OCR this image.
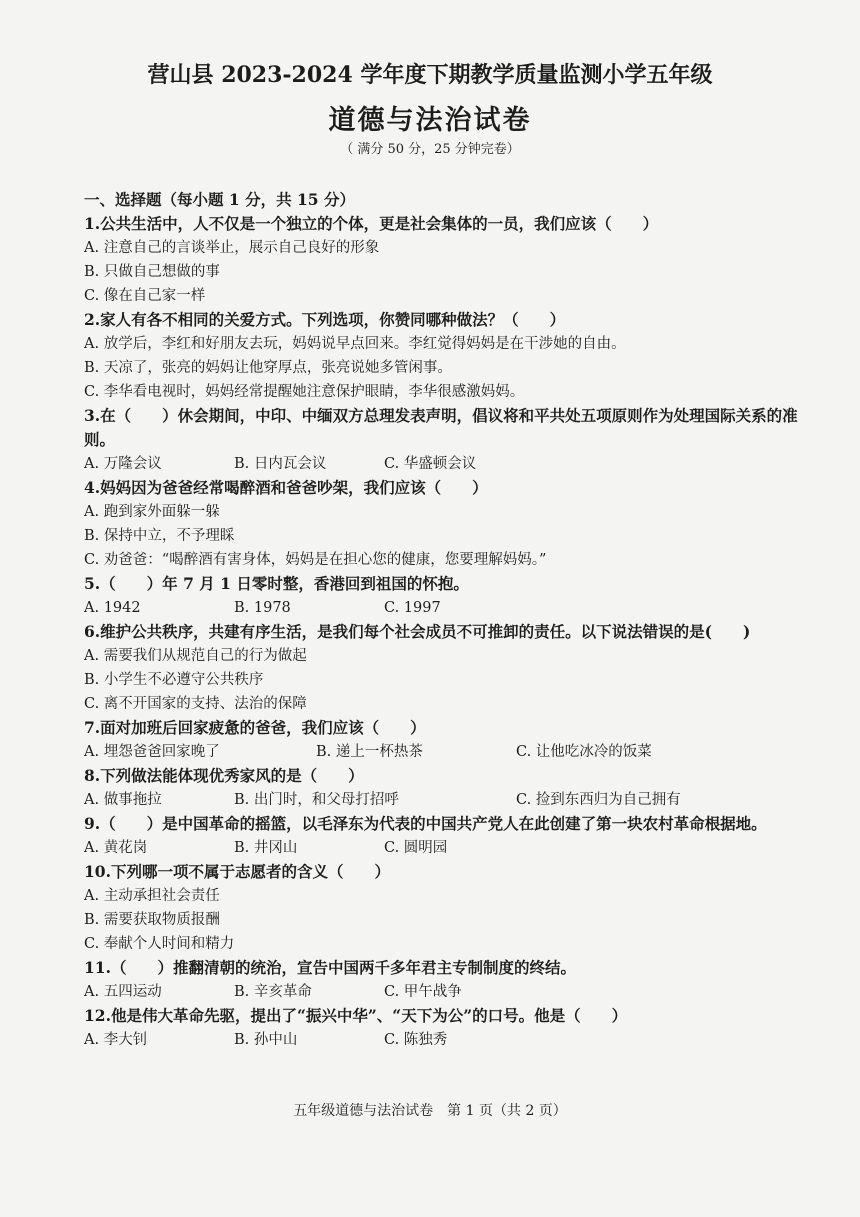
营山县 2023-2024 学年度下期教学质量监测小学五年级
道德与法治试卷
（ 满分 50 分，25 分钟完卷）
一、选择题（每小题 1 分，共 15 分）
1.公共生活中，人不仅是一个独立的个体，更是社会集体的一员，我们应该（　　）
A. 注意自己的言谈举止，展示自己良好的形象
B. 只做自己想做的事
C. 像在自己家一样
2.家人有各不相同的关爱方式。下列选项，你赞同哪种做法？（　　）
A. 放学后，李红和好朋友去玩，妈妈说早点回来。李红觉得妈妈是在干涉她的自由。
B. 天凉了，张亮的妈妈让他穿厚点，张亮说她多管闲事。
C. 李华看电视时，妈妈经常提醒她注意保护眼睛，李华很感激妈妈。
3.在（　　）休会期间，中印、中缅双方总理发表声明，倡议将和平共处五项原则作为处理国际关系的准则。
A. 万隆会议	B. 日内瓦会议	C. 华盛顿会议
4.妈妈因为爸爸经常喝醉酒和爸爸吵架，我们应该（　　）
A. 跑到家外面躲一躲
B. 保持中立，不予理睬
C. 劝爸爸：“喝醉酒有害身体，妈妈是在担心您的健康，您要理解妈妈。”
5.（　　）年 7 月 1 日零时整，香港回到祖国的怀抱。
A. 1942	B. 1978	C. 1997
6.维护公共秩序，共建有序生活，是我们每个社会成员不可推卸的责任。以下说法错误的是(　　)
A. 需要我们从规范自己的行为做起
B. 小学生不必遵守公共秩序
C. 离不开国家的支持、法治的保障
7.面对加班后回家疲惫的爸爸，我们应该（　　）
A. 埋怨爸爸回家晚了	B. 递上一杯热茶	C. 让他吃冰冷的饭菜
8.下列做法能体现优秀家风的是（　　）
A. 做事拖拉	B. 出门时，和父母打招呼	C. 捡到东西归为自己拥有
9.（　　）是中国革命的摇篮，以毛泽东为代表的中国共产党人在此创建了第一块农村革命根据地。
A. 黄花岗	B. 井冈山	C. 圆明园
10.下列哪一项不属于志愿者的含义（　　）
A. 主动承担社会责任
B. 需要获取物质报酬
C. 奉献个人时间和精力
11.（　　）推翻清朝的统治，宣告中国两千多年君主专制制度的终结。
A. 五四运动	B. 辛亥革命	C. 甲午战争
12.他是伟大革命先驱，提出了“振兴中华”、“天下为公”的口号。他是（　　）
A. 李大钊	B. 孙中山	C. 陈独秀
五年级道德与法治试卷　第 1 页（共 2 页）
